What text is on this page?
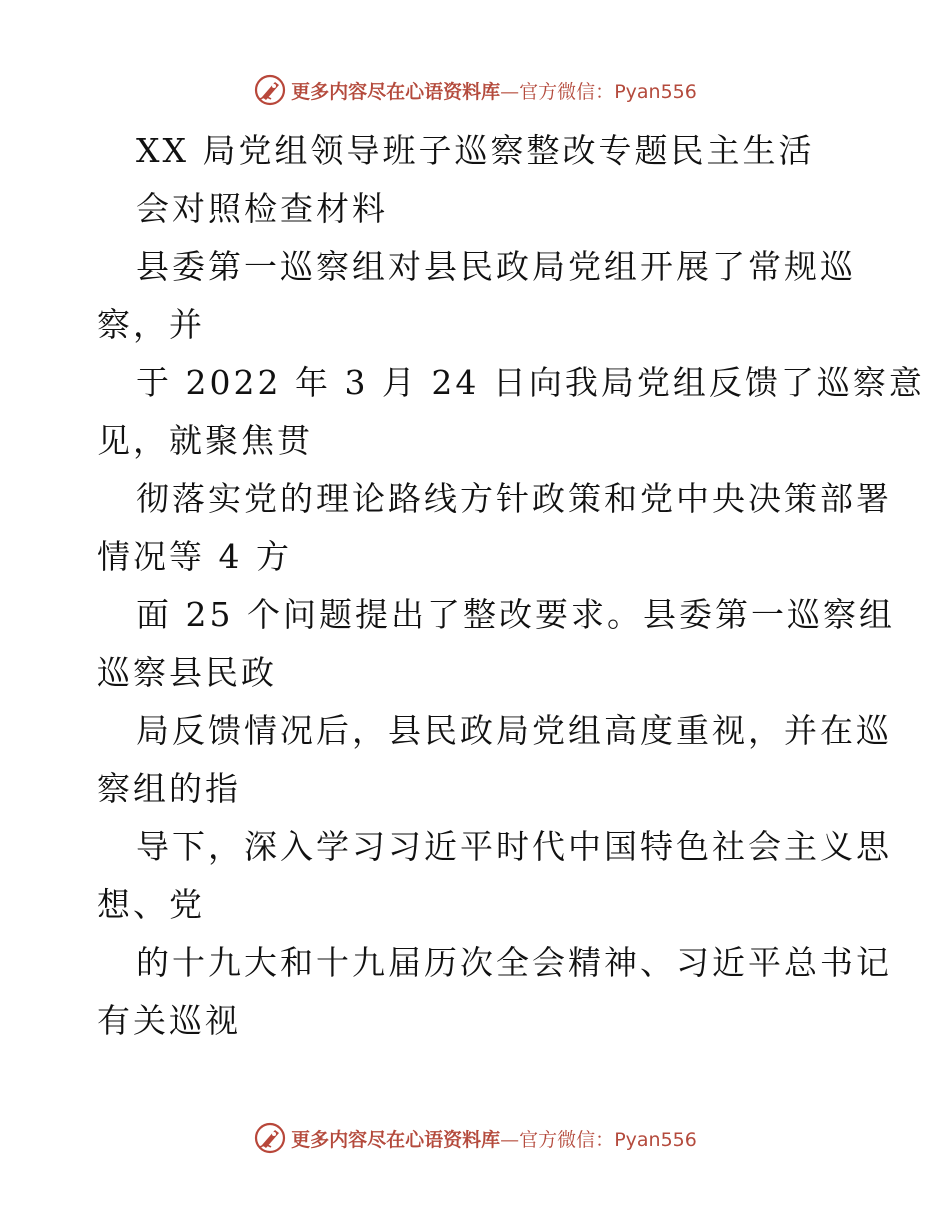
更多内容尽在心语资料库—官方微信：Pyan556
XX 局党组领导班子巡察整改专题民主生活
会对照检查材料
县委第一巡察组对县民政局党组开展了常规巡
察，并
于 2022 年 3 月 24 日向我局党组反馈了巡察意
见，就聚焦贯
彻落实党的理论路线方针政策和党中央决策部署
情况等 4 方
面 25 个问题提出了整改要求。县委第一巡察组
巡察县民政
局反馈情况后，县民政局党组高度重视，并在巡
察组的指
导下，深入学习习近平时代中国特色社会主义思
想、党
的十九大和十九届历次全会精神、习近平总书记
有关巡视
更多内容尽在心语资料库—官方微信：Pyan556
